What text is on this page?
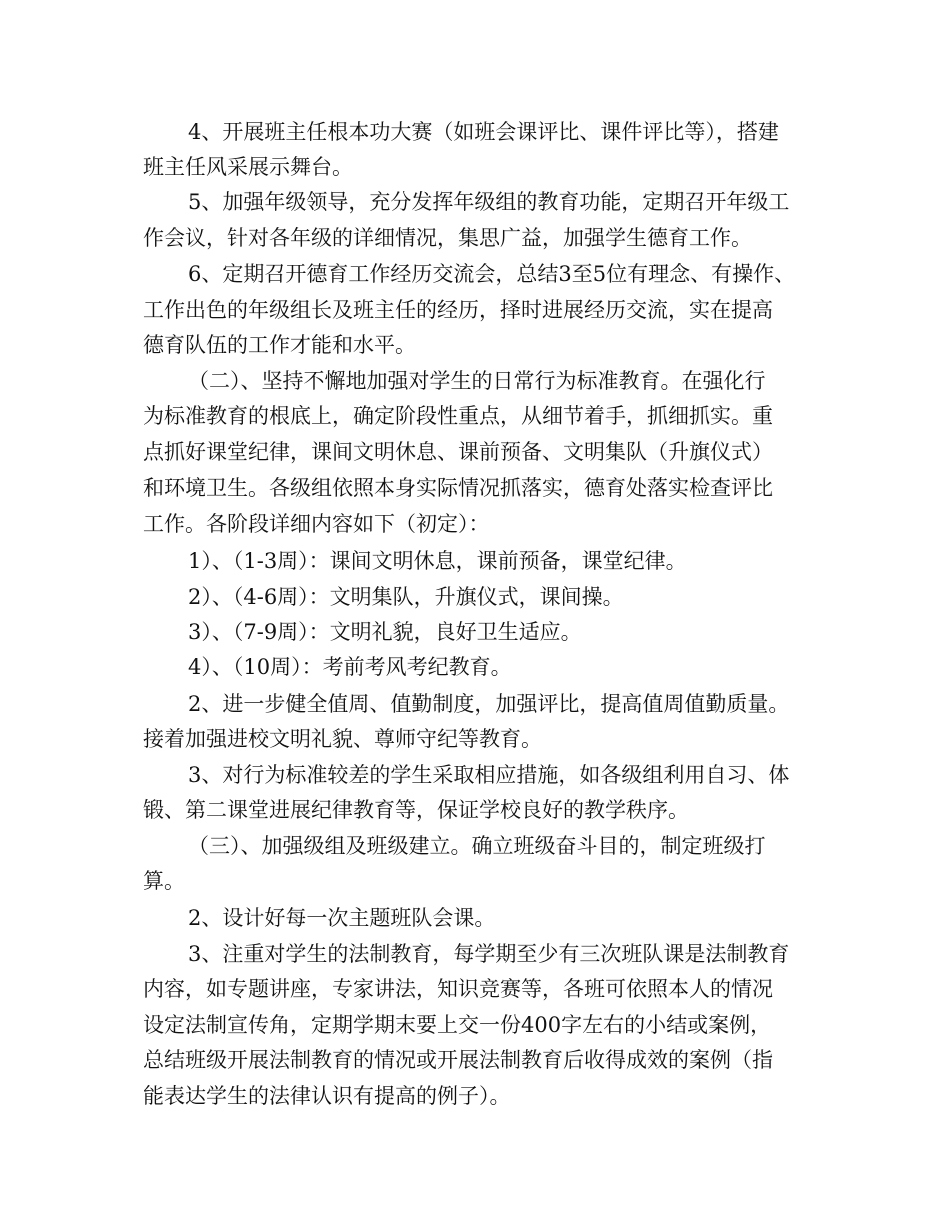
4、开展班主任根本功大赛（如班会课评比、课件评比等），搭建
班主任风采展示舞台。
5、加强年级领导，充分发挥年级组的教育功能，定期召开年级工
作会议，针对各年级的详细情况，集思广益，加强学生德育工作。
6、定期召开德育工作经历交流会，总结3至5位有理念、有操作、
工作出色的年级组长及班主任的经历，择时进展经历交流，实在提高
德育队伍的工作才能和水平。
（二）、坚持不懈地加强对学生的日常行为标准教育。在强化行
为标准教育的根底上，确定阶段性重点，从细节着手，抓细抓实。重
点抓好课堂纪律，课间文明休息、课前预备、文明集队（升旗仪式）
和环境卫生。各级组依照本身实际情况抓落实，德育处落实检查评比
工作。各阶段详细内容如下（初定）：
1）、（1-3周）：课间文明休息，课前预备，课堂纪律。
2）、（4-6周）：文明集队，升旗仪式，课间操。
3）、（7-9周）：文明礼貌，良好卫生适应。
4）、（10周）：考前考风考纪教育。
2、进一步健全值周、值勤制度，加强评比，提高值周值勤质量。
接着加强进校文明礼貌、尊师守纪等教育。
3、对行为标准较差的学生采取相应措施，如各级组利用自习、体
锻、第二课堂进展纪律教育等，保证学校良好的教学秩序。
（三）、加强级组及班级建立。确立班级奋斗目的，制定班级打
算。
2、设计好每一次主题班队会课。
3、注重对学生的法制教育，每学期至少有三次班队课是法制教育
内容，如专题讲座，专家讲法，知识竞赛等，各班可依照本人的情况
设定法制宣传角，定期学期末要上交一份400字左右的小结或案例，
总结班级开展法制教育的情况或开展法制教育后收得成效的案例（指
能表达学生的法律认识有提高的例子）。
